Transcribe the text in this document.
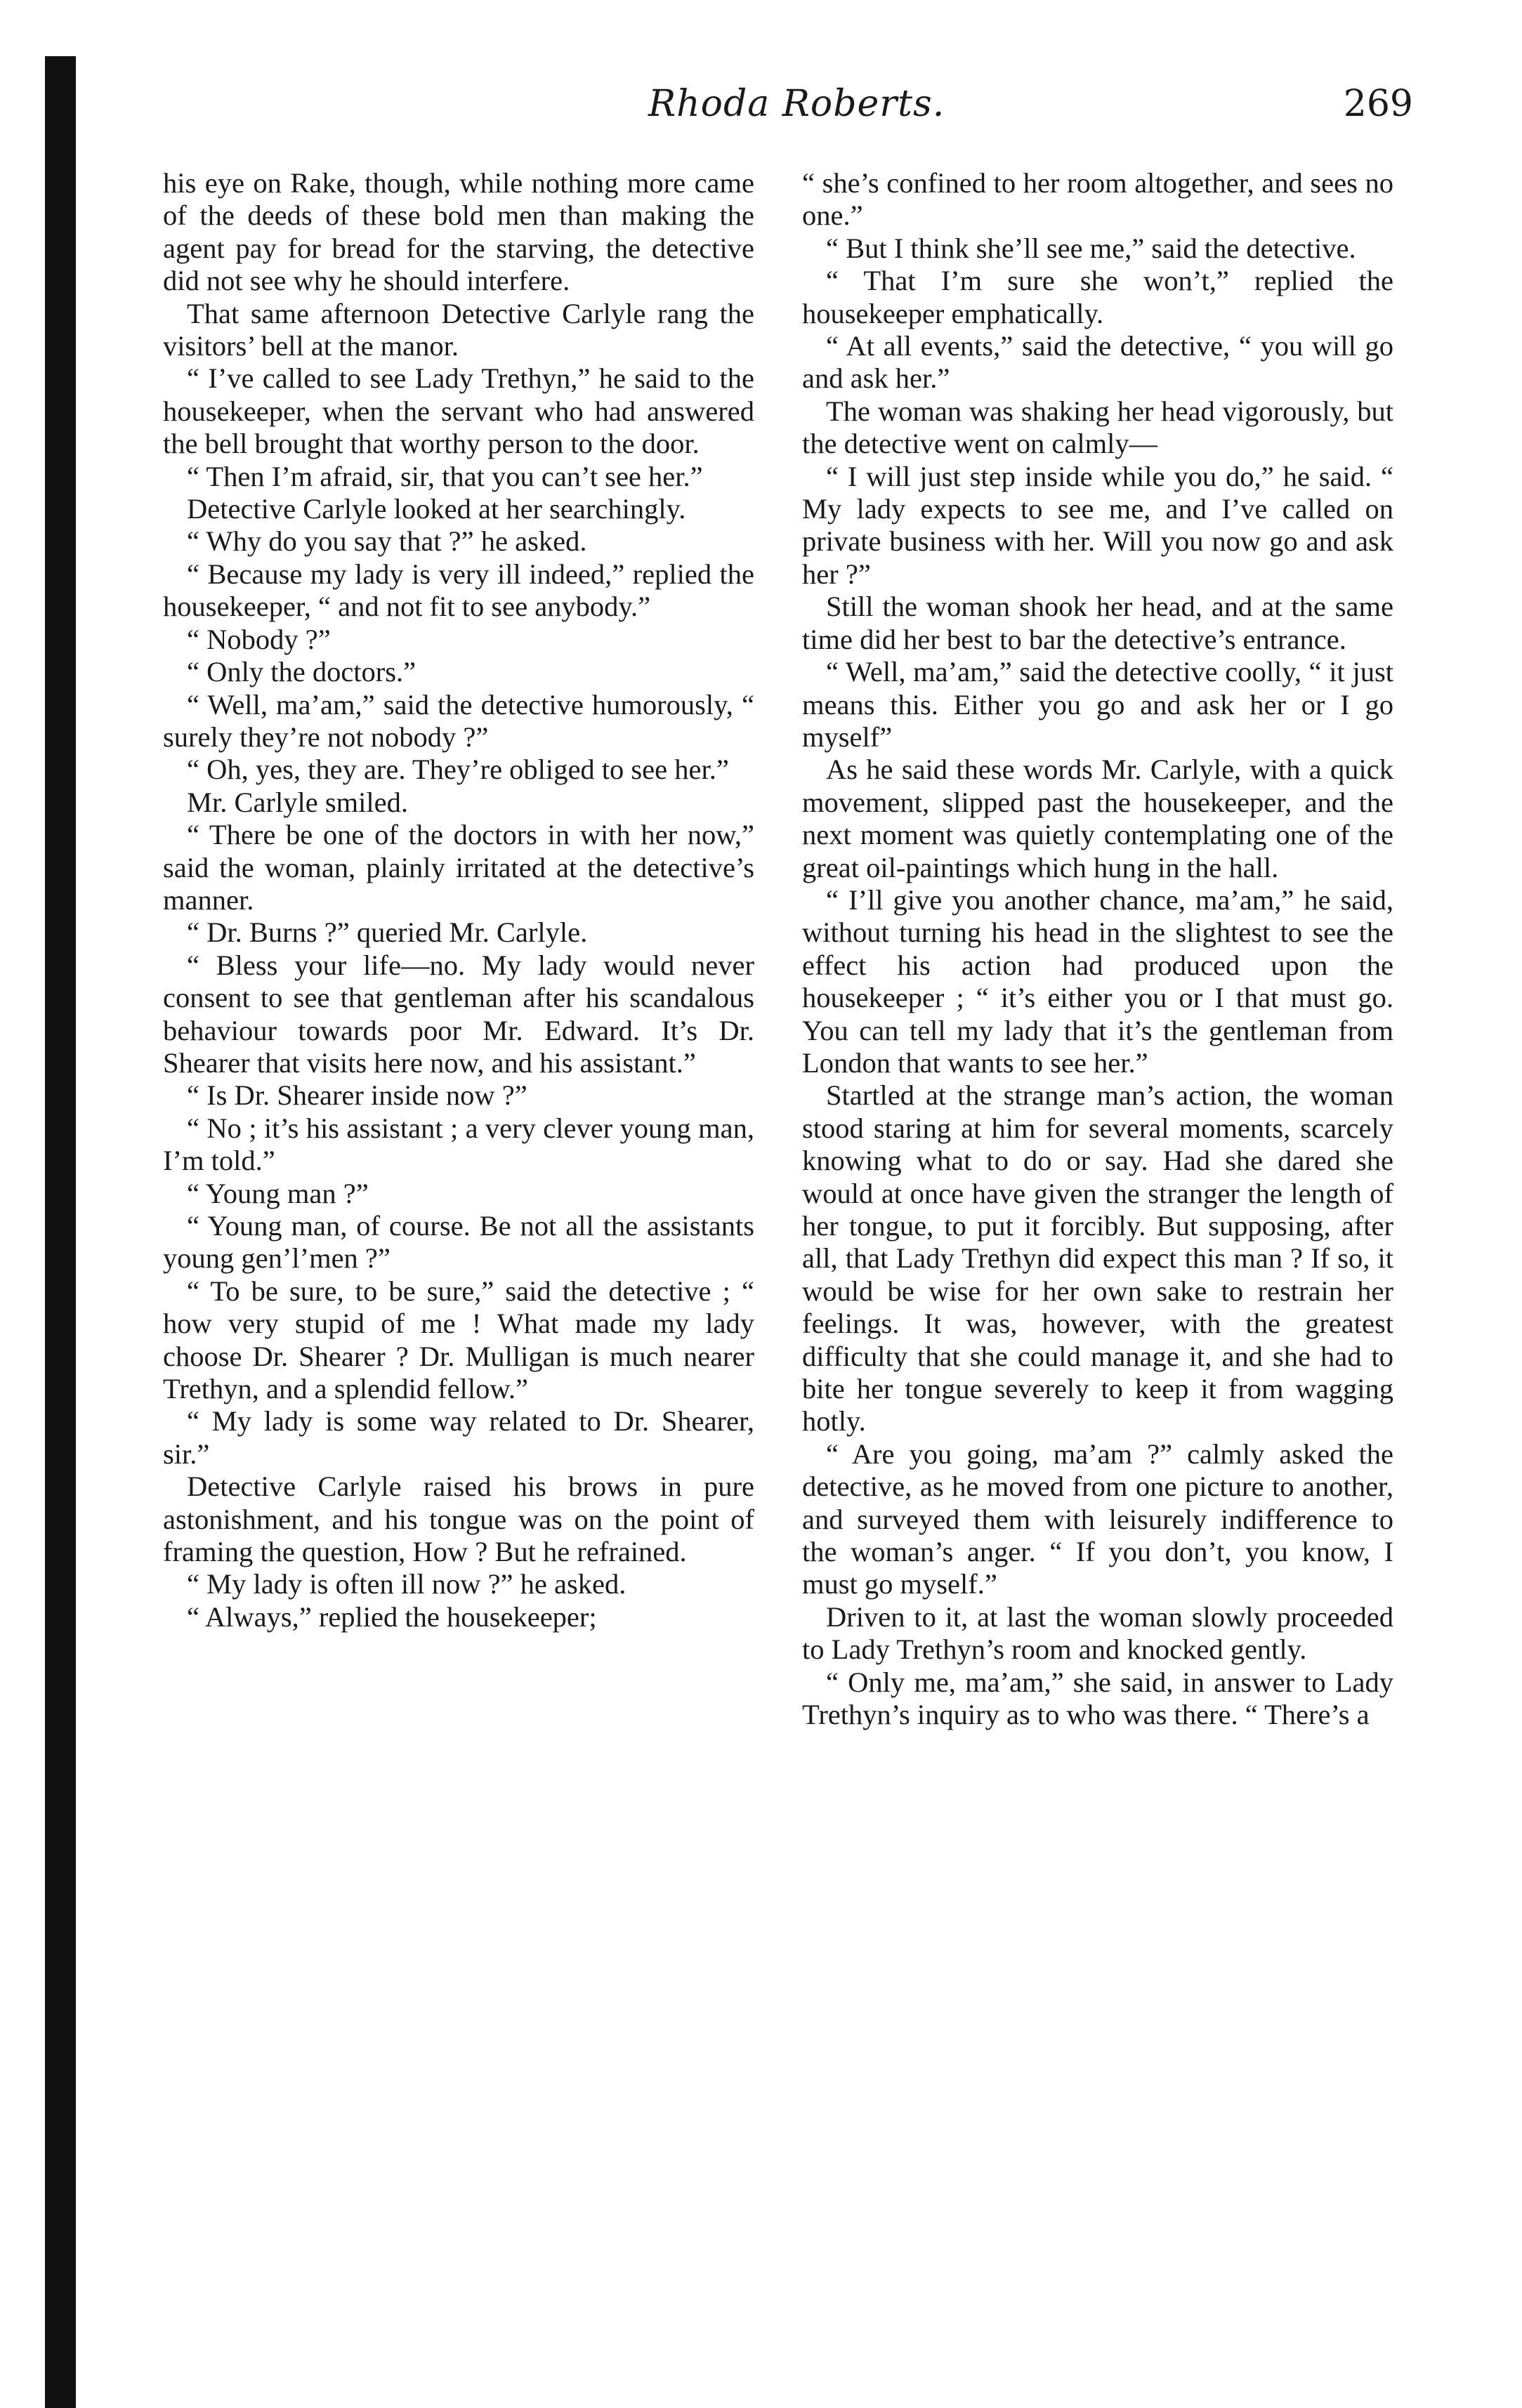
Rhoda Roberts.	269

his eye on Rake, though, while nothing more came of the deeds of these bold men than making the agent pay for bread for the starving, the detective did not see why he should interfere.

That same afternoon Detective Carlyle rang the visitors’ bell at the manor.

“ I’ve called to see Lady Trethyn,” he said to the housekeeper, when the servant who had answered the bell brought that worthy person to the door.

“ Then I’m afraid, sir, that you can’t see her.”

Detective Carlyle looked at her searchingly.

“ Why do you say that ?” he asked.

“ Because my lady is very ill indeed,” replied the housekeeper, “ and not fit to see anybody.”

“ Nobody ?”

“ Only the doctors.”

“ Well, ma’am,” said the detective humorously, “ surely they’re not nobody ?”

“ Oh, yes, they are. They’re obliged to see her.”

Mr. Carlyle smiled.

“ There be one of the doctors in with her now,” said the woman, plainly irritated at the detective’s manner.

“ Dr. Burns ?” queried Mr. Carlyle.

“ Bless your life—no. My lady would never consent to see that gentleman after his scandalous behaviour towards poor Mr. Edward. It’s Dr. Shearer that visits here now, and his assistant.”

“ Is Dr. Shearer inside now ?”

“ No ; it’s his assistant ; a very clever young man, I’m told.”

“ Young man ?”

“ Young man, of course. Be not all the assistants young gen’l’men ?”

“ To be sure, to be sure,” said the detective ; “ how very stupid of me ! What made my lady choose Dr. Shearer ? Dr. Mulligan is much nearer Trethyn, and a splendid fellow.”

“ My lady is some way related to Dr. Shearer, sir.”

Detective Carlyle raised his brows in pure astonishment, and his tongue was on the point of framing the question, How ? But he refrained.

“ My lady is often ill now ?” he asked.

“ Always,” replied the housekeeper;

“ she’s confined to her room altogether, and sees no one.”

“ But I think she’ll see me,” said the detective.

“ That I’m sure she won’t,” replied the housekeeper emphatically.

“ At all events,” said the detective, “ you will go and ask her.”

The woman was shaking her head vigorously, but the detective went on calmly—

“ I will just step inside while you do,” he said. “ My lady expects to see me, and I’ve called on private business with her. Will you now go and ask her ?”

Still the woman shook her head, and at the same time did her best to bar the detective’s entrance.

“ Well, ma’am,” said the detective coolly, “ it just means this. Either you go and ask her or I go myself”

As he said these words Mr. Carlyle, with a quick movement, slipped past the housekeeper, and the next moment was quietly contemplating one of the great oil-paintings which hung in the hall.

“ I’ll give you another chance, ma’am,” he said, without turning his head in the slightest to see the effect his action had produced upon the housekeeper ; “ it’s either you or I that must go. You can tell my lady that it’s the gentleman from London that wants to see her.”

Startled at the strange man’s action, the woman stood staring at him for several moments, scarcely knowing what to do or say. Had she dared she would at once have given the stranger the length of her tongue, to put it forcibly. But supposing, after all, that Lady Trethyn did expect this man ? If so, it would be wise for her own sake to restrain her feelings. It was, however, with the greatest difficulty that she could manage it, and she had to bite her tongue severely to keep it from wagging hotly.

“ Are you going, ma’am ?” calmly asked the detective, as he moved from one picture to another, and surveyed them with leisurely indifference to the woman’s anger. “ If you don’t, you know, I must go myself.”

Driven to it, at last the woman slowly proceeded to Lady Trethyn’s room and knocked gently.

“ Only me, ma’am,” she said, in answer to Lady Trethyn’s inquiry as to who was there. “ There’s a
